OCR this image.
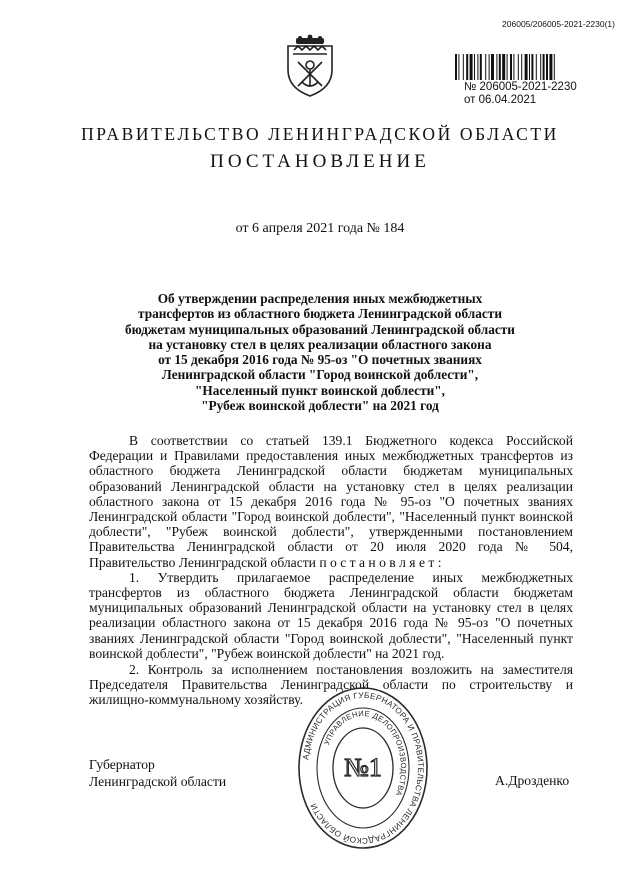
206005/206005-2021-2230(1)
№ 206005-2021-2230
от 06.04.2021
ПРАВИТЕЛЬСТВО ЛЕНИНГРАДСКОЙ ОБЛАСТИ
ПОСТАНОВЛЕНИЕ
от 6 апреля 2021 года № 184
Об утверждении распределения иных межбюджетных
трансфертов из областного бюджета Ленинградской области
бюджетам муниципальных образований Ленинградской области
на установку стел в целях реализации областного закона
от 15 декабря 2016 года № 95-оз "О почетных званиях
Ленинградской области "Город воинской доблести",
"Населенный пункт воинской доблести",
"Рубеж воинской доблести" на 2021 год

В соответствии со статьей 139.1 Бюджетного кодекса Российской Федерации и Правилами предоставления иных межбюджетных трансфертов из областного бюджета Ленинградской области бюджетам муниципальных образований Ленинградской области на установку стел в целях реализации областного закона от 15 декабря 2016 года № 95-оз "О почетных званиях Ленинградской области "Город воинской доблести", "Населенный пункт воинской доблести", "Рубеж воинской доблести", утвержденными постановлением Правительства Ленинградской области от 20 июля 2020 года № 504, Правительство Ленинградской области п о с т а н о в л я е т :

1. Утвердить прилагаемое распределение иных межбюджетных трансфертов из областного бюджета Ленинградской области бюджетам муниципальных образований Ленинградской области на установку стел в целях реализации областного закона от 15 декабря 2016 года № 95-оз "О почетных званиях Ленинградской области "Город воинской доблести", "Населенный пункт воинской доблести", "Рубеж воинской доблести" на 2021 год.

2. Контроль за исполнением постановления возложить на заместителя Председателя Правительства Ленинградской области по строительству и жилищно-коммунальному хозяйству.

Губернатор
Ленинградской области	А.Дрозденко
АДМИНИСТРАЦИЯ ГУБЕРНАТОРА И ПРАВИТЕЛЬСТВА ЛЕНИНГРАДСКОЙ ОБЛАСТИ
УПРАВЛЕНИЕ ДЕЛОПРОИЗВОДСТВА
№1
